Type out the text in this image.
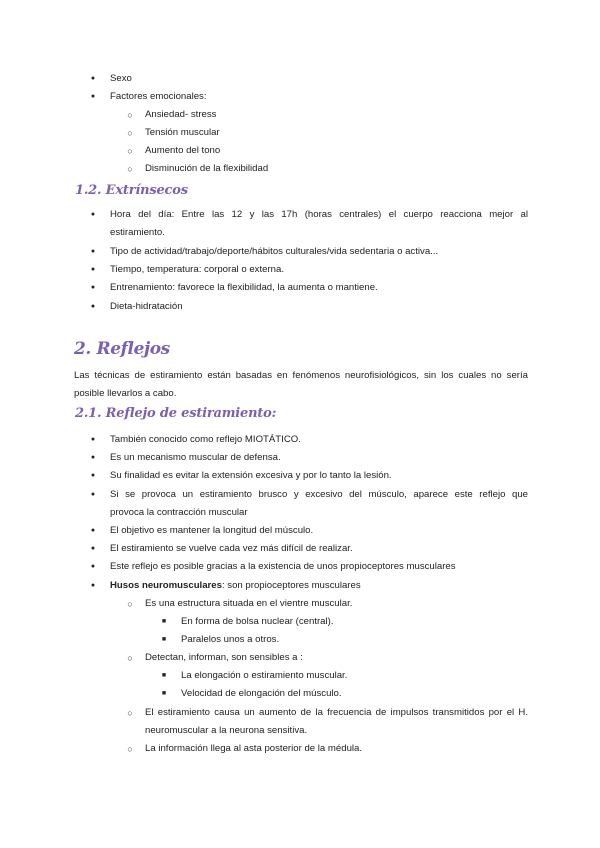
●	Sexo
●	Factores emocionales:
○	Ansiedad- stress
○	Tensión muscular
○	Aumento del tono
○	Disminución de la flexibilidad
1.2. Extrínsecos
●	Hora del día: Entre las 12 y las 17h (horas centrales) el cuerpo reacciona mejor al
estiramiento.
●	Tipo de actividad/trabajo/deporte/hábitos culturales/vida sedentaria o activa...
●	Tiempo, temperatura: corporal o externa.
●	Entrenamiento: favorece la flexibilidad, la aumenta o mantiene.
●	Dieta-hidratación
2. Reflejos
Las técnicas de estiramiento están basadas en fenómenos neurofisiológicos, sin los cuales no sería
posible llevarlos a cabo.
2.1. Reflejo de estiramiento:
●	También conocido como reflejo MIOTÁTICO.
●	Es un mecanismo muscular de defensa.
●	Su finalidad es evitar la extensión excesiva y por lo tanto la lesión.
●	Si se provoca un estiramiento brusco y excesivo del músculo, aparece este reflejo que
provoca la contracción muscular
●	El objetivo es mantener la longitud del músculo.
●	El estiramiento se vuelve cada vez más difícil de realizar.
●	Este reflejo es posible gracias a la existencia de unos propioceptores musculares
●	Husos neuromusculares: son propioceptores musculares
○	Es una estructura situada en el vientre muscular.
■	En forma de bolsa nuclear (central).
■	Paralelos unos a otros.
○	Detectan, informan, son sensibles a :
■	La elongación o estiramiento muscular.
■	Velocidad de elongación del músculo.
○	El estiramiento causa un aumento de la frecuencia de impulsos transmitidos por el H.
neuromuscular a la neurona sensitiva.
○	La información llega al asta posterior de la médula.
